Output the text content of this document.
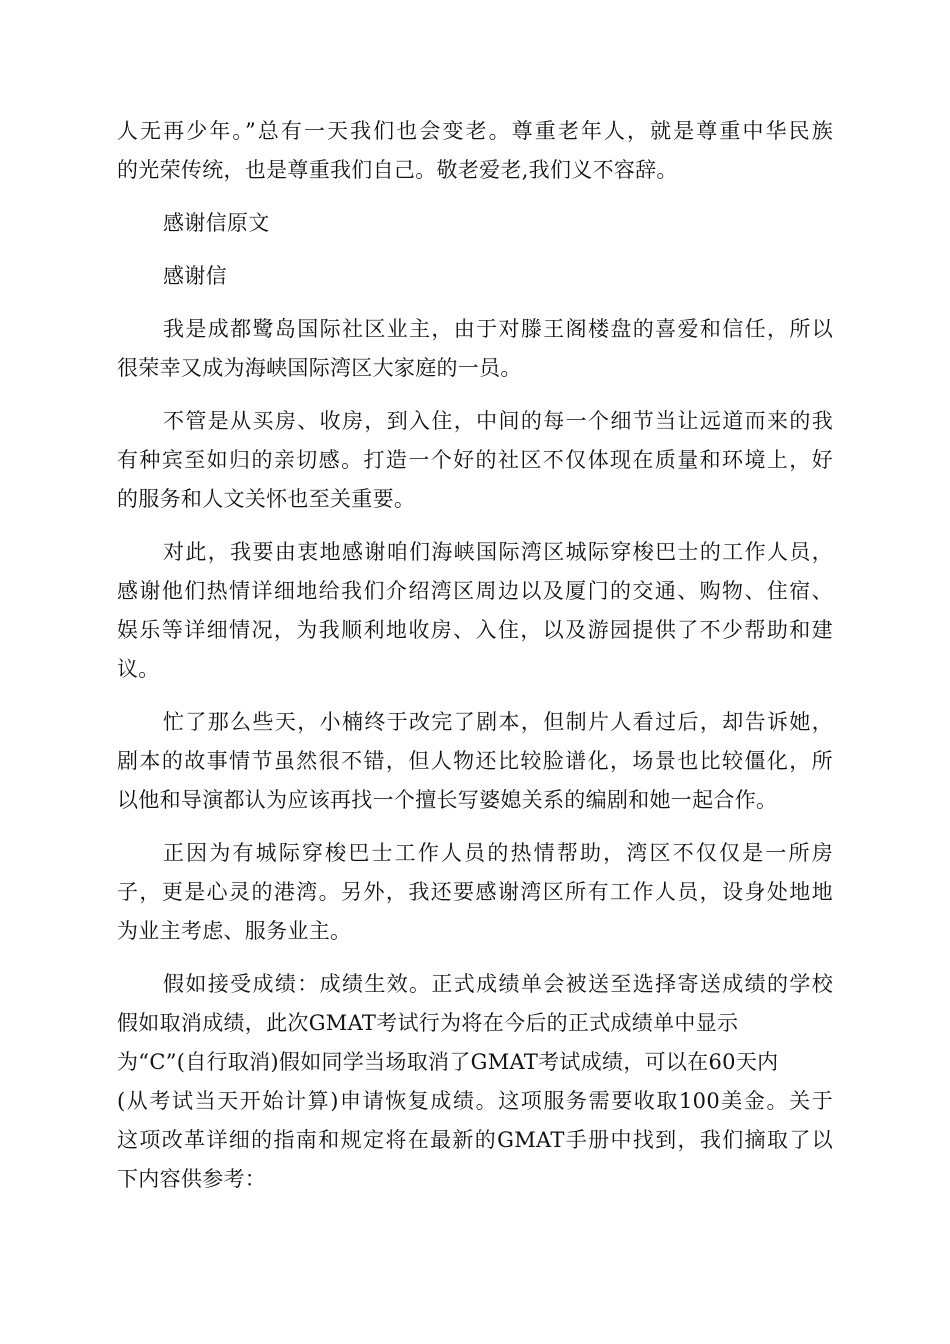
人无再少年。”总有一天我们也会变老。尊重老年人，就是尊重中华民族
的光荣传统，也是尊重我们自己。敬老爱老,我们义不容辞。
感谢信原文
感谢信
我是成都鹭岛国际社区业主，由于对滕王阁楼盘的喜爱和信任，所以
很荣幸又成为海峡国际湾区大家庭的一员。
不管是从买房、收房，到入住，中间的每一个细节当让远道而来的我
有种宾至如归的亲切感。打造一个好的社区不仅体现在质量和环境上，好
的服务和人文关怀也至关重要。
对此，我要由衷地感谢咱们海峡国际湾区城际穿梭巴士的工作人员，
感谢他们热情详细地给我们介绍湾区周边以及厦门的交通、购物、住宿、
娱乐等详细情况，为我顺利地收房、入住，以及游园提供了不少帮助和建
议。
忙了那么些天，小楠终于改完了剧本，但制片人看过后，却告诉她，
剧本的故事情节虽然很不错，但人物还比较脸谱化，场景也比较僵化，所
以他和导演都认为应该再找一个擅长写婆媳关系的编剧和她一起合作。
正因为有城际穿梭巴士工作人员的热情帮助，湾区不仅仅是一所房
子，更是心灵的港湾。另外，我还要感谢湾区所有工作人员，设身处地地
为业主考虑、服务业主。
假如接受成绩：成绩生效。正式成绩单会被送至选择寄送成绩的学校
假如取消成绩，此次GMAT考试行为将在今后的正式成绩单中显示
为“C”(自行取消)假如同学当场取消了GMAT考试成绩，可以在60天内
(从考试当天开始计算)申请恢复成绩。这项服务需要收取100美金。关于
这项改革详细的指南和规定将在最新的GMAT手册中找到，我们摘取了以
下内容供参考：
